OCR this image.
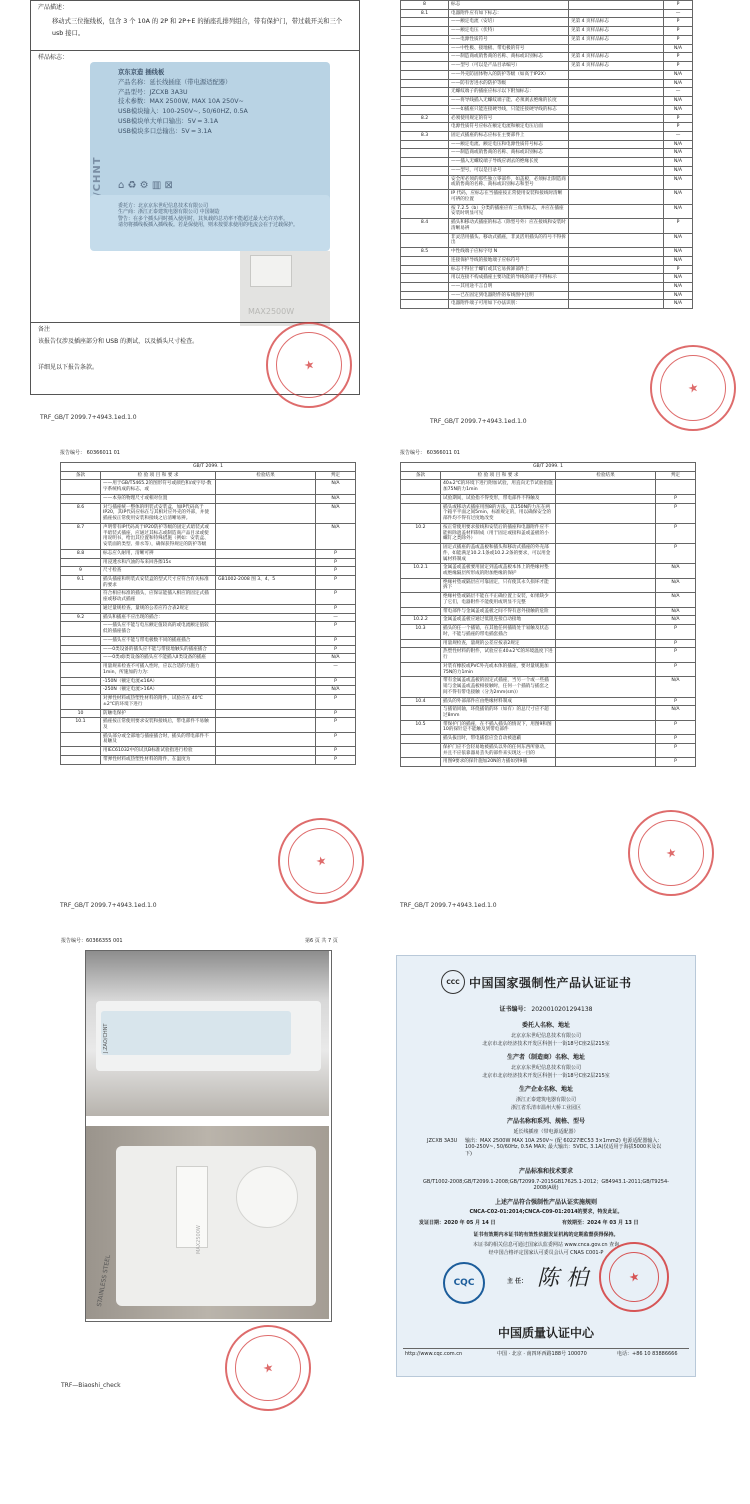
产品描述：
移动式三位拖线板，包含 3 个 10A 的 2P 和 2P+E 的插座孔排列组合，带有保护门，带过载开关和三个 usb 接口。
样品标志：
京东京造 插线板
产品名称：延长线插座（带电源适配器）
产品型号：JZCXB 3A3U
技术参数：MAX 2500W, MAX 10A 250V~
USB模块输入：100-250V~, 50/60HZ, 0.5A
USB模块单大单口输出：5V ═ 3.1A
USB模块多口总输出：5V ═ 3.1A
⌂ ♻ ⚙ ▥ ⊠
委托方：北京京东世纪信息技术有限公司
生产商：浙江正泰建筑电器有限公司 中国制造
警告：在多个插头同时插入使用时，其负载的总功率不能超过最大允许功率。
请勿将插线板插入插线板。若是保使用，则未按要求使用的电流会在于过载保护。
MAX2500W
备注
该报告仅涉及插座部分和 USB 的测试，以及插头尺寸检查。
详细见以下报告条款。
TRF_GB/T 2099.7+4943.1ed.1.0
★
8	标志		P
8.1	电器附件应有如下标志：		—
	——额定电流（安培）	见第 4 页样品标志	P
	——额定电压（伏特）	见第 4 页样品标志	P
	——电源性质符号	见第 4 页样品标志	P
	——中性极、接地极、带电极的符号		N/A
	——制造商或销售商的名称、商标或识别标志	见第 4 页样品标志	P
	——型号（可以是产品目录编号）	见第 4 页样品标志	P
	——外壳防固体物入的防护等级（如高于IP2X）		N/A
	——防有害进水的防护等级		N/A
	无螺纹端子的插座应标示以下附加标志：		—
	——将导线插入无螺纹端子能、必须剥去绝缘的长度		N/A
	——如插座只能连接硬导线，只能连接硬导线的标志		N/A
8.2	必须使用规定的符号		P
	电源性质符号应标在额定电流和额定电压后面		P
8.3	固定式插座的标志应标在主要部件上		—
	——额定电流、额定电压和电源性质符号标志		N/A
	——制造商或销售商的名称、商标或识别标志		N/A
	——插入无螺纹端子导线应剥去的绝缘长度		N/A
	——型号，可以是目录号		N/A
	安全所必须的那些独立零部件，如盖板，必须标出制造商或销售商的名称、商标或识别标志和型号		N/A
	IP 代码，应标志在当插座按正常使用安装和接线时清晰可辨的位置		N/A
	按 7.2.5（b）分类的插座应有三角形标志，并应在插座安装时明显可见		N/A
8.4	插头和移动式插座的标志（除型号外）应在接线和安装时清晰易辨		P
	非灵活用插头、移动式插座，非灵活用插头的符号不得拆出		N/A
8.5	中性线端子应标字母 N		N/A
	连接保护导线的接地端子应标符号		N/A
	标志不得位于螺钉或其它易拆卸部件上		P
	用以连接不构成插座主要功能的导线的端子不得标示		N/A
	——其用途不言自明		N/A
	——已在固定到电器附件的布线图中注明		N/A
	电器附件端子可用如下办法识别：		N/A
TRF_GB/T 2099.7+4943.1ed.1.0
★
报告编号： 60366011 01
GB/T 2099. 1			
条款	检 验 项 目 和 要 求	检验结果	判定
	——用于GB/T5465.2的图形符号或颜色和/或字母-数字系统构成的标志，或		N/A
	——本身的物理尺寸或相对位置		N/A
8.6	对与插座统一整体的明装式安装盒，加IP代码高于IP20，其IP代码应标在与其相对应外壳的外部，并使插座按正常使用安装和接线之后清晰易辨。		N/A
8.7	声明带有IP代码高于IP20防护等级的固定式暗装式或半暗装式插座，应通过其标志或制造商产品目录或使用说明书，给出其位置和特殊措施（例如：安装盒、安装面的类型、排水等），确保获得规定的防护等级		N/A
8.8	标志应久耐用，清晰可辨		P
	用浸透水和汽油的布来回各擦15s		P
9	尺寸检查		P
9.1	插头插座和明装式安装盒的型式尺寸应符合有关标准的要求	GB1002-2008 图 3、4、5	P
	符合相应标准的插头，应保证能插入相应的固定式插座或移动式插座		P
	通过量规检查，量规的公差应符合表2规定		P
9.2	插头和插座不应出现的插合：		—
	——插头应不能与电压额定值较高的或电流额定值较低的插座插合		P
	——插头应不能与带电极数不同的插座插合		P
	——0类设备的插头应不能与带接地触头的插座插合		P
	——0类或Ⅰ类设备的插头应不能插入Ⅱ类设备的插座		N/A
	用量规来检查不可插入性时，应以合适的力施力1min，所施加的力为：		—
	-150N（额定电流≤16A）		P
	-250N（额定电流>16A）		N/A
	对弹性材料或热塑性材料的附件，试验应在 40℃±2℃的环境下进行		P
10	防触电保护		P
10.1	插座按正常使用要求安装和接线后，带电部件不易触及		P
	插头部分或全部地与插座插合时，插头的带电部件不易触及		P
	用IEC61032中的试具B标准试验指进行检验		P
	带弹性材料或热塑性材料的附件，在温度为		P
TRF_GB/T 2099.7+4943.1ed.1.0
★
报告编号： 60366011 01
GB/T 2099. 1			
条款	检 验 项 目 和 要 求	检验结果	判定
	40±2℃的环境下进行附加试验，用直向无节试验指施加75N的力1min		
	试验期间，试验指不得变形，带电部件不得触及		P
	插头或移动式插座用图8的方法，以150N的力压在两个箱平平面之间5min，标准规定的，用以确保安全的部件均不得有过度地改变		P
10.2	按正常使用要求接线和安装后的插座和电器附件应不能拆除遮盖材料制成（用于固定或接和盖或盖板的小螺钉之类除外）		P
	固定式插座的盖或盖板和插头和移动式插座的外壳部件，如能满足10.2.1条或10.2.2条的要求，可以用金属材料制成		P
10.2.1	金属盖或盖板要用固定到盖或盖板本体上的绝缘衬垫或绝缘隔层所形成的附加绝缘的保护		N/A
	绝缘衬垫或隔层应可靠固定，只有使其永久损坏才能拆下		N/A
	绝缘衬垫或隔层不能在不正确位置上安装，如果缺少了它们，电器附件不能使用或明显不完整		N/A
	带电部件与金属盖或盖板之间不得有意外接触的危险		N/A
10.2.2	金属盖或盖板应通过低阻连接自动接地		N/A
10.3	插头的任一个插销，在其他任何插销处于易触及状态时，不能与插座的带电插套插合		P
	用量规检查，量规的公差应按表2规定		P
	热塑性材料的附件，试验应在40±2℃的环境温度下进行		P
	对装有橡胶或PVC外壳或本体的插座，要对量规施加75N的力1min		P
	带有金属盖或盖板的固定式插座，当另一个或一些插销与金属盖或盖板相接触时，任何一个插销与插套之间不得有带电接触（分为2mm(sm)）		N/A
10.4	插头的外部部件应由绝缘材料制成		P
	与插销同轴，环绕插销的环（如有）的总尺寸应不超过8mm		N/A
10.5	带保护门的插座，在不插入插头的情况下，用图9和图10的探针是不能触及到带电部件		P
	插头拔出时，带电插套应会自动被遮蔽		P
	保护门应不会轻易地被插头以外的任何东西所驱动，并且不应依靠器易丢失的部件来实现这一目的		P
	用图9要求的探针施加20N的力插如到9插		P
TRF_GB/T 2099.7+4943.1ed.1.0
★
报告编号：60366355 001	第6 页 共 7 页
J.ZAO/CHNT
MAX2500W
STAINLESS STEEL
TRF—Biaoshi_check
★
CCC 中国国家强制性产品认证证书
证书编号： 2020010201294138
委托人名称、地址
北京京东世纪信息技术有限公司
北京市北京经济技术开发区科创十一街18号C座2层215室
生产者（制造商）名称、地址
北京京东世纪信息技术有限公司
北京市北京经济技术开发区科创十一街18号C座2层215室
生产企业名称、地址
浙江正泰建筑电器有限公司
浙江省乐清市温州大桥工业园区
产品名称和系列、规格、型号
延长线插座（带电源适配器）
JZCXB 3A3U 输出：MAX 2500W MAX 10A 250V~ (配 60227IEC53 3×1mm2) 电源适配器输入：100-250V~, 50/60Hz, 0.5A MAX; 最大输出：5VDC, 3.1A(仅适用于海拔5000米及以下)
产品标准和技术要求
GB/T1002-2008;GB/T2099.1-2008;GB/T2099.7-2015GB17625.1-2012；GB4943.1-2011;GB/T9254-2008(A级)
上述产品符合强制性产品认证实施规则
CNCA-C02-01:2014;CNCA-C09-01:2014的要求，特发此证。
发证日期：2020 年 05 月 14 日	有效期至：2024 年 03 月 13 日
证书有效期内本证书的有效性依据发证机构的定期监督获得保持。
本证书的相关信息可通过国家认监委网站 www.cnca.gov.cn 查询
经中国合格评定国家认可委员会认可 CNAS C001-P
CQC	主 任： 陈 柏	★
中国质量认证中心
http://www.cqc.com.cn	中国 · 北京 · 南四环西路188号 100070	电话：+86 10 83886666
